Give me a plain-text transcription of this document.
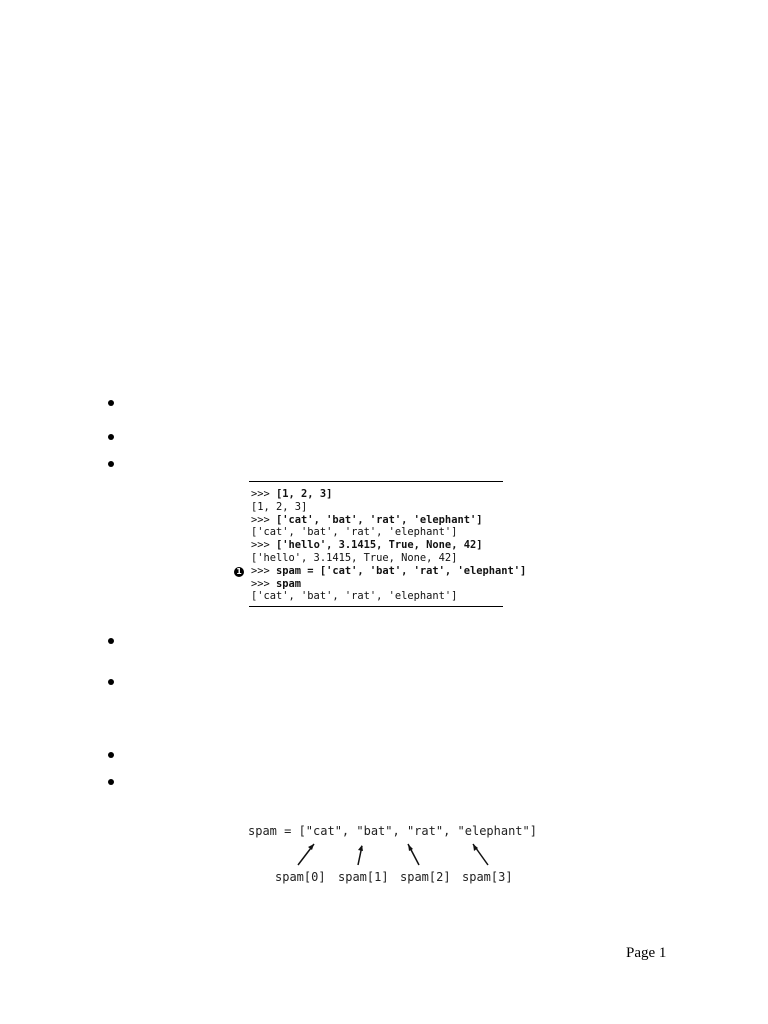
1
>>> [1, 2, 3]
[1, 2, 3]
>>> ['cat', 'bat', 'rat', 'elephant']
['cat', 'bat', 'rat', 'elephant']
>>> ['hello', 3.1415, True, None, 42]
['hello', 3.1415, True, None, 42]
>>> spam = ['cat', 'bat', 'rat', 'elephant']
>>> spam
['cat', 'bat', 'rat', 'elephant']
spam = ["cat", "bat", "rat", "elephant"]
spam[0] spam[1] spam[2] spam[3]
Page 1
